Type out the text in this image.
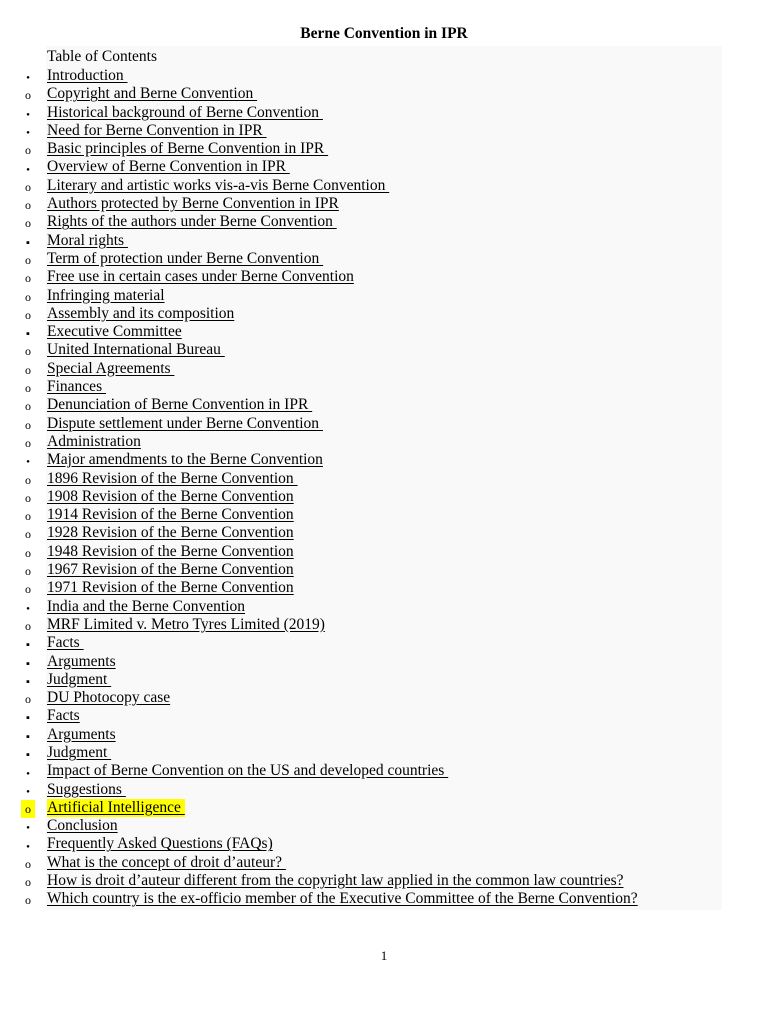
Berne Convention in IPR
Table of Contents
●
Introduction
o
Copyright and Berne Convention
●
Historical background of Berne Convention
●
Need for Berne Convention in IPR
o
Basic principles of Berne Convention in IPR
●
Overview of Berne Convention in IPR
o
Literary and artistic works vis-a-vis Berne Convention
o
Authors protected by Berne Convention in IPR
o
Rights of the authors under Berne Convention
▪
Moral rights
o
Term of protection under Berne Convention
o
Free use in certain cases under Berne Convention
o
Infringing material
o
Assembly and its composition
▪
Executive Committee
o
United International Bureau
o
Special Agreements
o
Finances
o
Denunciation of Berne Convention in IPR
o
Dispute settlement under Berne Convention
o
Administration
●
Major amendments to the Berne Convention
o
1896 Revision of the Berne Convention
o
1908 Revision of the Berne Convention
o
1914 Revision of the Berne Convention
o
1928 Revision of the Berne Convention
o
1948 Revision of the Berne Convention
o
1967 Revision of the Berne Convention
o
1971 Revision of the Berne Convention
●
India and the Berne Convention
o
MRF Limited v. Metro Tyres Limited (2019)
▪
Facts
▪
Arguments
▪
Judgment
o
DU Photocopy case
▪
Facts
▪
Arguments
▪
Judgment
●
Impact of Berne Convention on the US and developed countries
●
Suggestions
o
Artificial Intelligence
●
Conclusion
●
Frequently Asked Questions (FAQs)
o
What is the concept of droit d’auteur?
o
How is droit d’auteur different from the copyright law applied in the common law countries?
o
Which country is the ex-officio member of the Executive Committee of the Berne Convention?
1
